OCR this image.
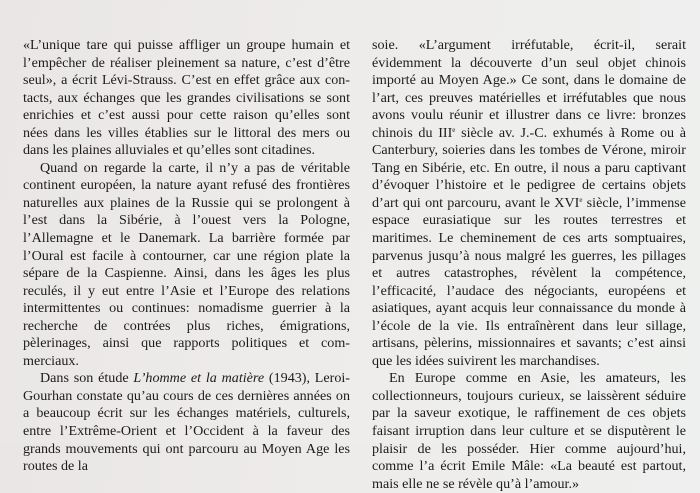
«L’unique tare qui puisse affliger un groupe humain et l’empêcher de réaliser pleinement sa nature, c’est d’être seul», a écrit Lévi-Strauss. C’est en effet grâce aux contacts, aux échanges que les grandes civilisations se sont enrichies et c’est aussi pour cette raison qu’elles sont nées dans les villes établies sur le littoral des mers ou dans les plaines alluviales et qu’elles sont citadines.

Quand on regarde la carte, il n’y a pas de véritable continent européen, la nature ayant refusé des frontières naturelles aux plaines de la Russie qui se prolongent à l’est dans la Sibérie, à l’ouest vers la Pologne, l’Allemagne et le Danemark. La barrière formée par l’Oural est facile à contourner, car une région plate la sépare de la Caspienne. Ainsi, dans les âges les plus reculés, il y eut entre l’Asie et l’Europe des relations intermittentes ou continues: nomadisme guerrier à la recherche de contrées plus riches, émigrations, pèlerinages, ainsi que rapports politiques et commerciaux.

Dans son étude L’homme et la matière (1943), Leroi-Gourhan constate qu’au cours de ces dernières années on a beaucoup écrit sur les échanges matériels, culturels, entre l’Extrême-Orient et l’Occident à la faveur des grands mouvements qui ont parcouru au Moyen Age les routes de la

soie. «L’argument irréfutable, écrit-il, serait évidemment la découverte d’un seul objet chinois importé au Moyen Age.» Ce sont, dans le domaine de l’art, ces preuves matérielles et irréfutables que nous avons voulu réunir et illustrer dans ce livre: bronzes chinois du IIIe siècle av. J.-C. exhumés à Rome ou à Canterbury, soieries dans les tombes de Vérone, miroir Tang en Sibérie, etc. En outre, il nous a paru captivant d’évoquer l’histoire et le pedigree de certains objets d’art qui ont parcouru, avant le XVIe siècle, l’immense espace eurasiatique sur les routes terrestres et maritimes. Le cheminement de ces arts somptuaires, parvenus jusqu’à nous malgré les guerres, les pillages et autres catastrophes, révèlent la compétence, l’efficacité, l’audace des négociants, européens et asiatiques, ayant acquis leur connaissance du monde à l’école de la vie. Ils entraînèrent dans leur sillage, artisans, pèlerins, missionnaires et savants; c’est ainsi que les idées suivirent les marchandises.

En Europe comme en Asie, les amateurs, les collectionneurs, toujours curieux, se laissèrent séduire par la saveur exotique, le raffinement de ces objets faisant irruption dans leur culture et se disputèrent le plaisir de les posséder. Hier comme aujourd’hui, comme l’a écrit Emile Mâle: «La beauté est partout, mais elle ne se révèle qu’à l’amour.»
